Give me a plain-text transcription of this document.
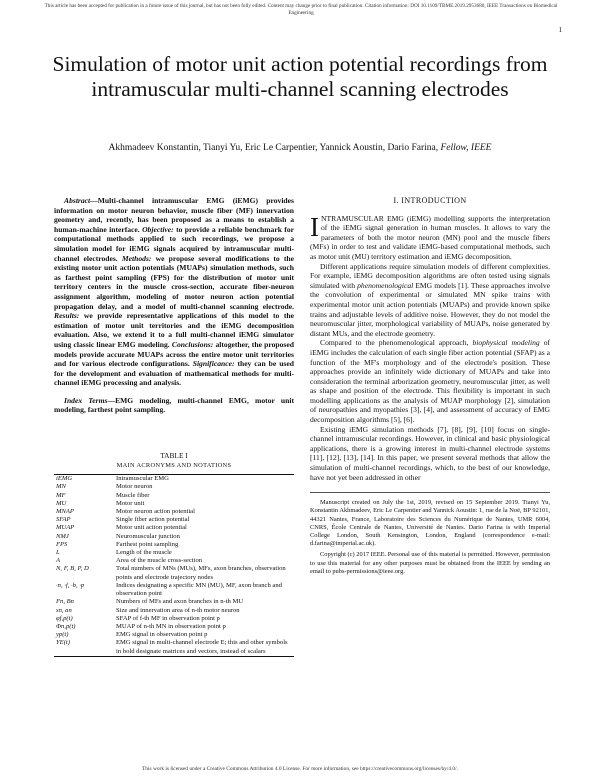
This article has been accepted for publication in a future issue of this journal, but has not been fully edited. Content may change prior to final publication. Citation information: DOI 10.1109/TBME.2019.2953680, IEEE Transactions on Biomedical Engineering
1
Simulation of motor unit action potential recordings from intramuscular multi-channel scanning electrodes
Akhmadeev Konstantin, Tianyi Yu, Eric Le Carpentier, Yannick Aoustin, Dario Farina, Fellow, IEEE

Abstract—Multi-channel intramuscular EMG (iEMG) provides information on motor neuron behavior, muscle fiber (MF) innervation geometry and, recently, has been proposed as a means to establish a human-machine interface. Objective: to provide a reliable benchmark for computational methods applied to such recordings, we propose a simulation model for iEMG signals acquired by intramuscular multi-channel electrodes. Methods: we propose several modifications to the existing motor unit action potentials (MUAPs) simulation methods, such as farthest point sampling (FPS) for the distribution of motor unit territory centers in the muscle cross-section, accurate fiber-neuron assignment algorithm, modeling of motor neuron action potential propagation delay, and a model of multi-channel scanning electrode. Results: we provide representative applications of this model to the estimation of motor unit territories and the iEMG decomposition evaluation. Also, we extend it to a full multi-channel iEMG simulator using classic linear EMG modeling. Conclusions: altogether, the proposed models provide accurate MUAPs across the entire motor unit territories and for various electrode configurations. Significance: they can be used for the development and evaluation of mathematical methods for multi-channel iEMG processing and analysis.

Index Terms—EMG modeling, multi-channel EMG, motor unit modeling, farthest point sampling.

TABLE I
MAIN ACRONYMS AND NOTATIONS
iEMG	Intramuscular EMG
MN	Motor neuron
MF	Muscle fiber
MU	Motor unit
MNAP	Motor neuron action potential
SFAP	Single fiber action potential
MUAP	Motor unit action potential
NMJ	Neuromuscular junction
FPS	Farthest point sampling
L	Length of the muscle
A	Area of the muscle cross-section
N, F, B, P, D	Total numbers of MNs (MUs), MFs, axon branches, observation points and electrode trajectory nodes
·n, ·f, ·b, ·p	Indices designating a specific MN (MU), MF, axon branch and observation point
Fn, Bn	Numbers of MFs and axon branches in n-th MU
sn, an	Size and innervation area of n-th motor neuron
φf,p(t)	SFAP of f-th MF in observation point p
Φn,p(t)	MUAP of n-th MN in observation point p
yp(t)	EMG signal in observation point p
YE(t)	EMG signal in multi-channel electrode E; this and other symbols in bold designate matrices and vectors, instead of scalars
I. INTRODUCTION

INTRAMUSCULAR EMG (iEMG) modelling supports the interpretation of the iEMG signal generation in human muscles. It allows to vary the parameters of both the motor neuron (MN) pool and the muscle fibers (MFs) in order to test and validate iEMG-based computational methods, such as motor unit (MU) territory estimation and iEMG decomposition.

Different applications require simulation models of different complexities. For example, iEMG decomposition algorithms are often tested using signals simulated with phenomenological EMG models [1]. These approaches involve the convolution of experimental or simulated MN spike trains with experimental motor unit action potentials (MUAPs) and provide known spike trains and adjustable levels of additive noise. However, they do not model the neuromuscular jitter, morphological variability of MUAPs, noise generated by distant MUs, and the electrode geometry.

Compared to the phenomenological approach, biophysical modeling of iEMG includes the calculation of each single fiber action potential (SFAP) as a function of the MF's morphology and of the electrode's position. These approaches provide an infinitely wide dictionary of MUAPs and take into consideration the terminal arborization geometry, neuromuscular jitter, as well as shape and position of the electrode. This flexibility is important in such modelling applications as the analysis of MUAP morphology [2], simulation of neuropathies and myopathies [3], [4], and assessment of accuracy of EMG decomposition algorithms [5], [6].

Existing iEMG simulation methods [7], [8], [9], [10] focus on single-channel intramuscular recordings. However, in clinical and basic physiological applications, there is a growing interest in multi-channel electrode systems [11], [12], [13], [14]. In this paper, we present several methods that allow the simulation of multi-channel recordings, which, to the best of our knowledge, have not yet been addressed in other

Manuscript created on July the 1st, 2019, revised on 15 September 2019. Tianyi Yu, Konstantin Akhmadeev, Eric Le Carpentier and Yannick Aoustin: 1, rue de la Noë, BP 92101, 44321 Nantes, France, Laboratoire des Sciences du Numérique de Nantes, UMR 6004, CNRS, École Centrale de Nantes, Université de Nantes. Dario Farina is with Imperial College London, South Kensington, London, England (correspondence e-mail: d.farina@imperial.ac.uk).

Copyright (c) 2017 IEEE. Personal use of this material is permitted. However, permission to use this material for any other purposes must be obtained from the IEEE by sending an email to pubs-permissions@ieee.org.

This work is licensed under a Creative Commons Attribution 4.0 License. For more information, see https://creativecommons.org/licenses/by/4.0/.
